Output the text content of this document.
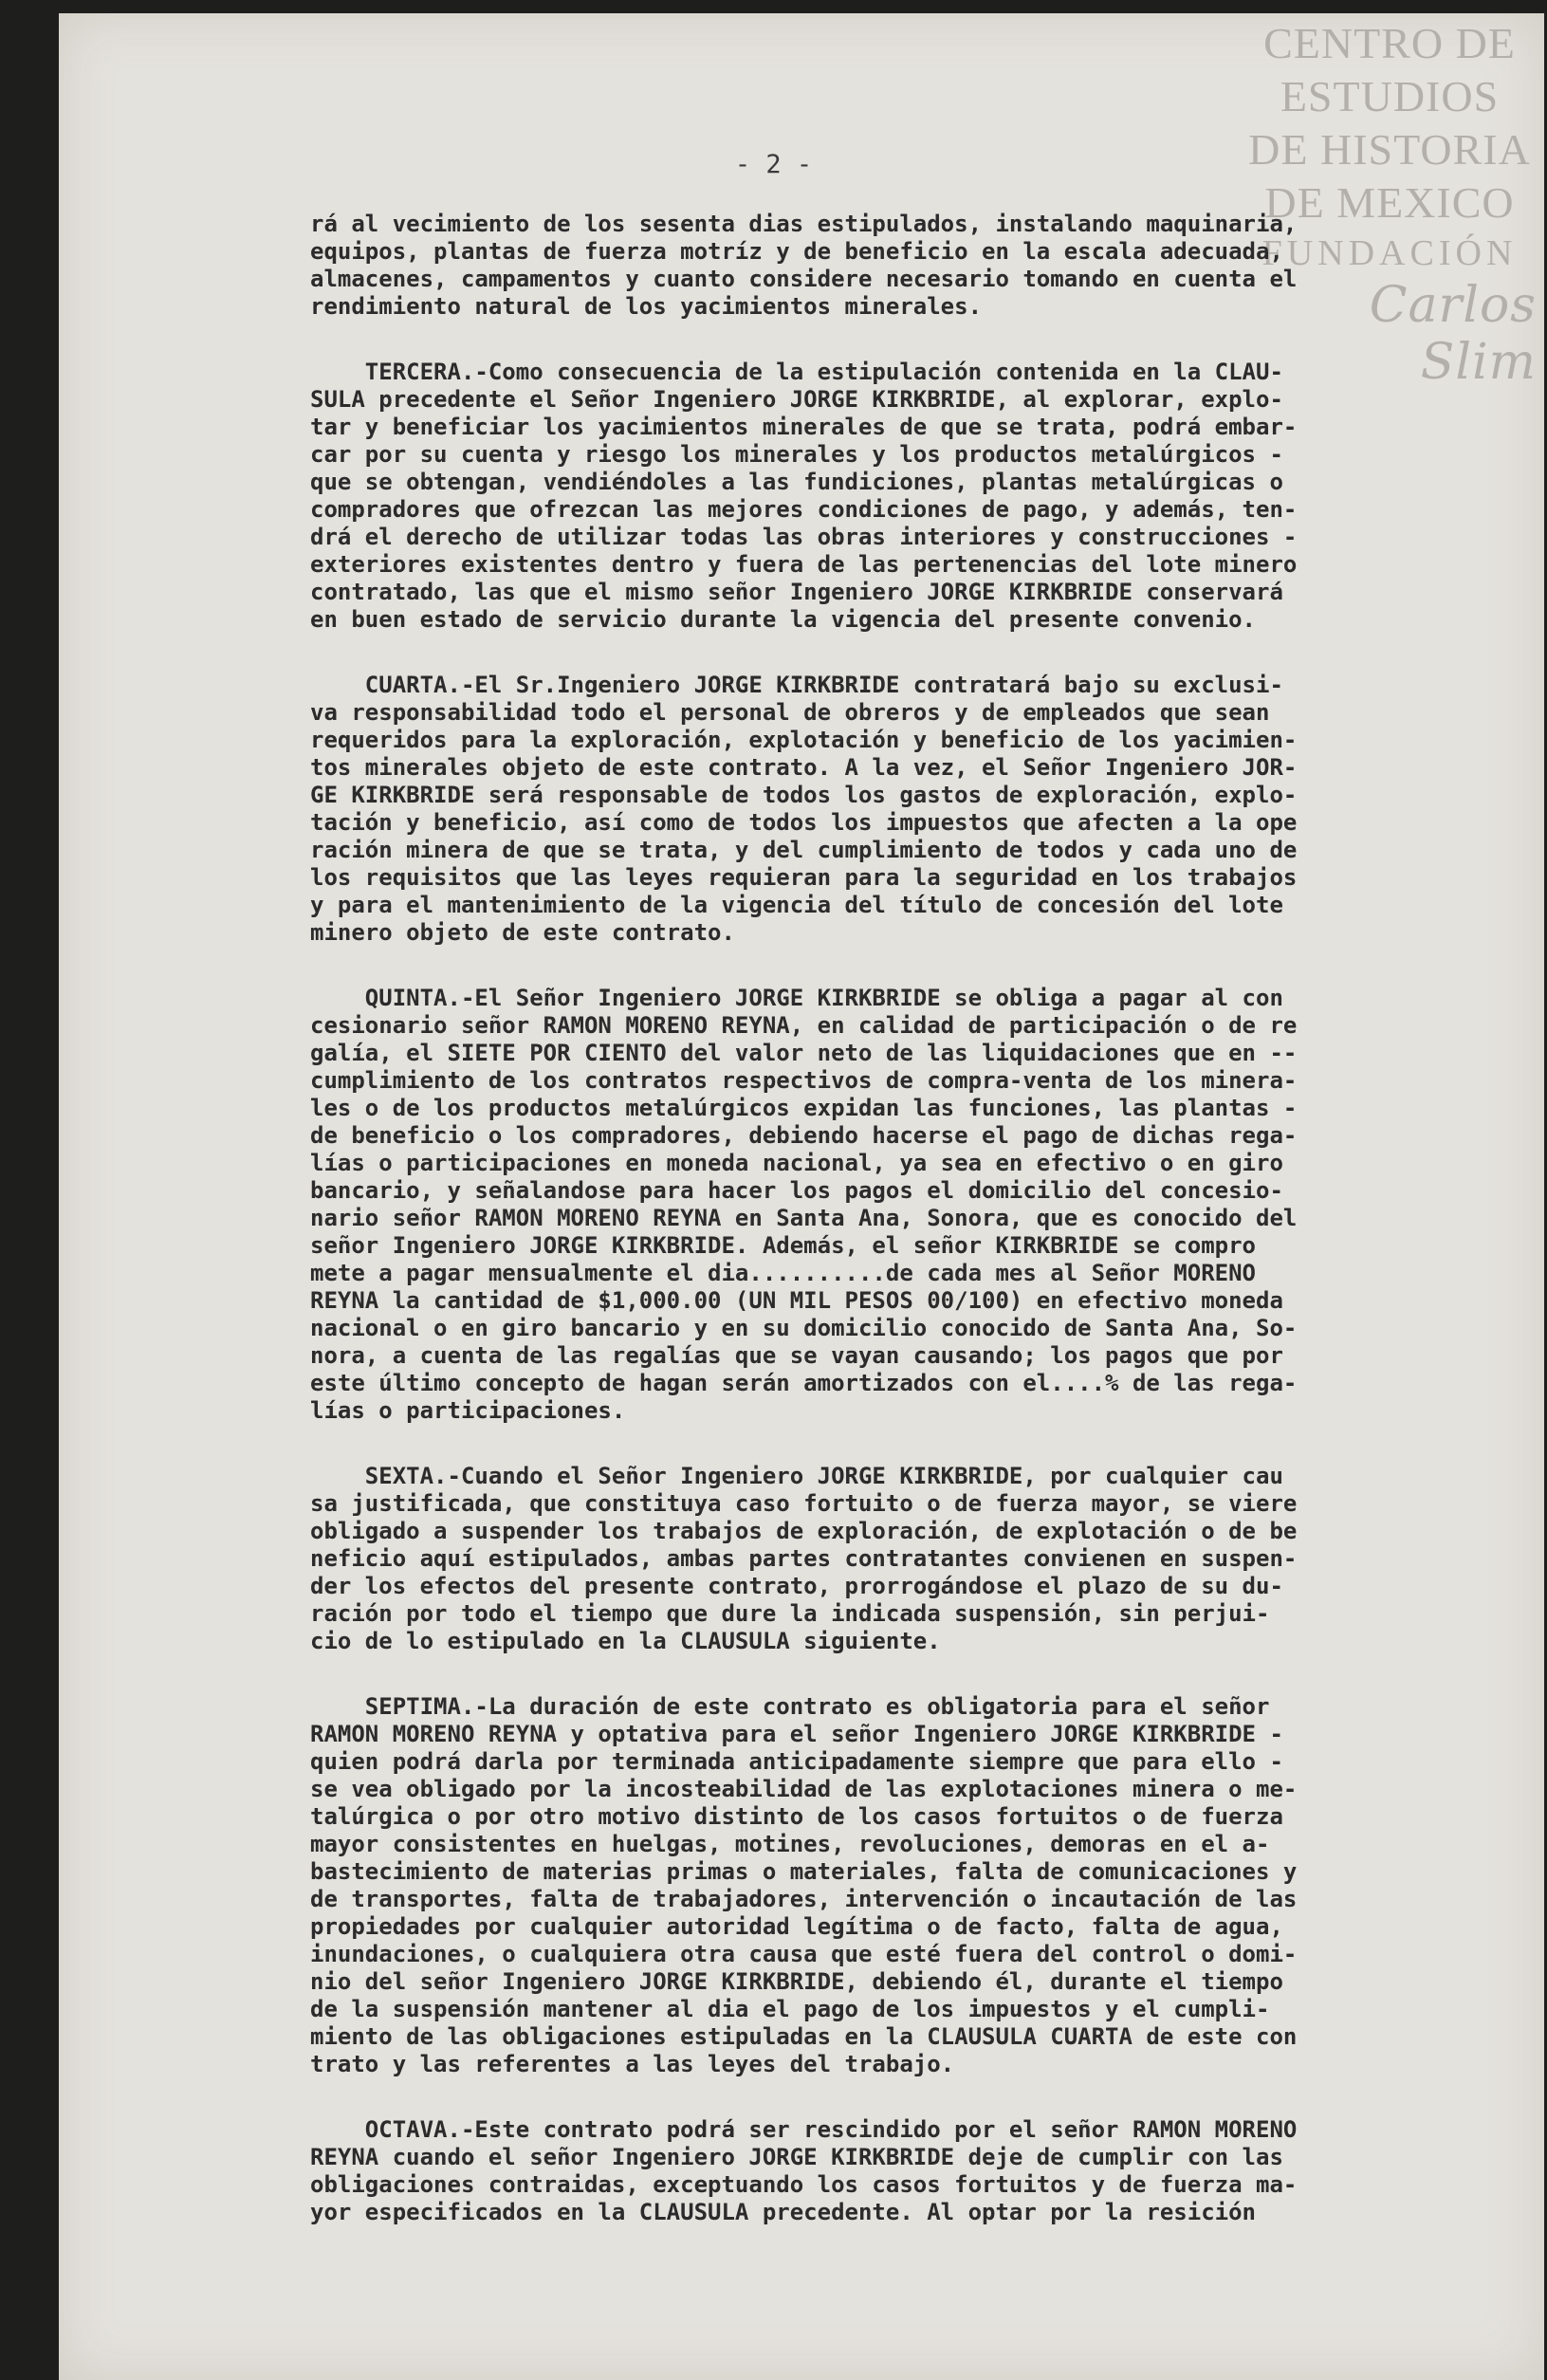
CENTRO DE
ESTUDIOS
DE HISTORIA
DE MEXICO
FUNDACIÓN
Carlos Slim
- 2 -
rá al vecimiento de los sesenta dias estipulados, instalando maquinaria,
equipos, plantas de fuerza motríz y de beneficio en la escala adecuada,
almacenes, campamentos y cuanto considere necesario tomando en cuenta el
rendimiento natural de los yacimientos minerales.
TERCERA.-Como consecuencia de la estipulación contenida en la CLAU-
SULA precedente el Señor Ingeniero JORGE KIRKBRIDE, al explorar, explo-
tar y beneficiar los yacimientos minerales de que se trata, podrá embar-
car por su cuenta y riesgo los minerales y los productos metalúrgicos -
que se obtengan, vendiéndoles a las fundiciones, plantas metalúrgicas o
compradores que ofrezcan las mejores condiciones de pago, y además, ten-
drá el derecho de utilizar todas las obras interiores y construcciones -
exteriores existentes dentro y fuera de las pertenencias del lote minero
contratado, las que el mismo señor Ingeniero JORGE KIRKBRIDE conservará
en buen estado de servicio durante la vigencia del presente convenio.
CUARTA.-El Sr.Ingeniero JORGE KIRKBRIDE contratará bajo su exclusi-
va responsabilidad todo el personal de obreros y de empleados que sean
requeridos para la exploración, explotación y beneficio de los yacimien-
tos minerales objeto de este contrato. A la vez, el Señor Ingeniero JOR-
GE KIRKBRIDE será responsable de todos los gastos de exploración, explo-
tación y beneficio, así como de todos los impuestos que afecten a la ope
ración minera de que se trata, y del cumplimiento de todos y cada uno de
los requisitos que las leyes requieran para la seguridad en los trabajos
y para el mantenimiento de la vigencia del título de concesión del lote
minero objeto de este contrato.
QUINTA.-El Señor Ingeniero JORGE KIRKBRIDE se obliga a pagar al con
cesionario señor RAMON MORENO REYNA, en calidad de participación o de re
galía, el SIETE POR CIENTO del valor neto de las liquidaciones que en --
cumplimiento de los contratos respectivos de compra-venta de los minera-
les o de los productos metalúrgicos expidan las funciones, las plantas -
de beneficio o los compradores, debiendo hacerse el pago de dichas rega-
lías o participaciones en moneda nacional, ya sea en efectivo o en giro
bancario, y señalandose para hacer los pagos el domicilio del concesio-
nario señor RAMON MORENO REYNA en Santa Ana, Sonora, que es conocido del
señor Ingeniero JORGE KIRKBRIDE. Además, el señor KIRKBRIDE se compro
mete a pagar mensualmente el dia..........de cada mes al Señor MORENO
REYNA la cantidad de $1,000.00 (UN MIL PESOS 00/100) en efectivo moneda
nacional o en giro bancario y en su domicilio conocido de Santa Ana, So-
nora, a cuenta de las regalías que se vayan causando; los pagos que por
este último concepto de hagan serán amortizados con el....% de las rega-
lías o participaciones.
SEXTA.-Cuando el Señor Ingeniero JORGE KIRKBRIDE, por cualquier cau
sa justificada, que constituya caso fortuito o de fuerza mayor, se viere
obligado a suspender los trabajos de exploración, de explotación o de be
neficio aquí estipulados, ambas partes contratantes convienen en suspen-
der los efectos del presente contrato, prorrogándose el plazo de su du-
ración por todo el tiempo que dure la indicada suspensión, sin perjui-
cio de lo estipulado en la CLAUSULA siguiente.
SEPTIMA.-La duración de este contrato es obligatoria para el señor
RAMON MORENO REYNA y optativa para el señor Ingeniero JORGE KIRKBRIDE -
quien podrá darla por terminada anticipadamente siempre que para ello -
se vea obligado por la incosteabilidad de las explotaciones minera o me-
talúrgica o por otro motivo distinto de los casos fortuitos o de fuerza
mayor consistentes en huelgas, motines, revoluciones, demoras en el a-
bastecimiento de materias primas o materiales, falta de comunicaciones y
de transportes, falta de trabajadores, intervención o incautación de las
propiedades por cualquier autoridad legítima o de facto, falta de agua,
inundaciones, o cualquiera otra causa que esté fuera del control o domi-
nio del señor Ingeniero JORGE KIRKBRIDE, debiendo él, durante el tiempo
de la suspensión mantener al dia el pago de los impuestos y el cumpli-
miento de las obligaciones estipuladas en la CLAUSULA CUARTA de este con
trato y las referentes a las leyes del trabajo.
OCTAVA.-Este contrato podrá ser rescindido por el señor RAMON MORENO
REYNA cuando el señor Ingeniero JORGE KIRKBRIDE deje de cumplir con las
obligaciones contraidas, exceptuando los casos fortuitos y de fuerza ma-
yor especificados en la CLAUSULA precedente. Al optar por la resición
